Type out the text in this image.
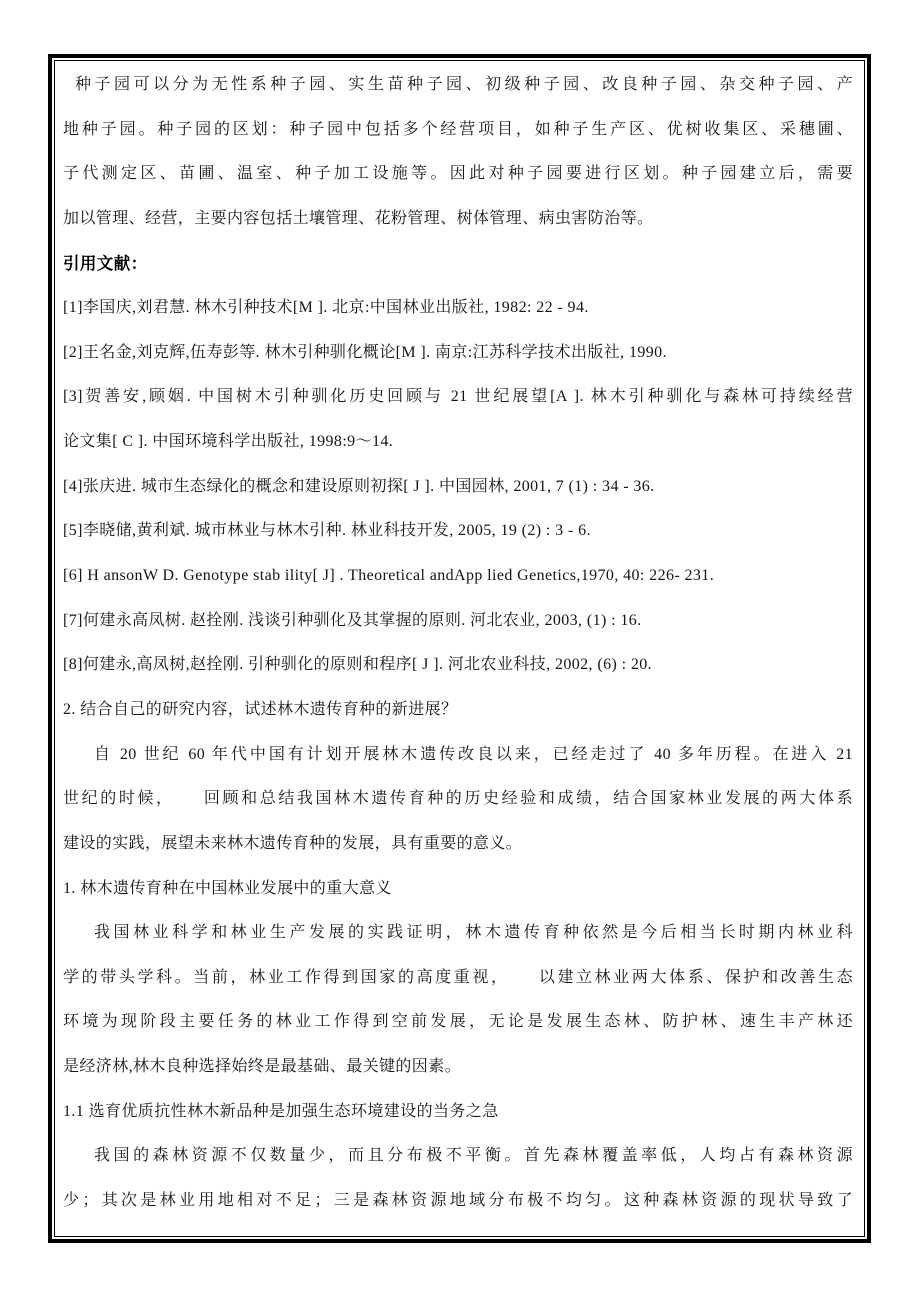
种子园可以分为无性系种子园、实生苗种子园、初级种子园、改良种子园、杂交种子园、产
地种子园。种子园的区划：种子园中包括多个经营项目，如种子生产区、优树收集区、采穗圃、
子代测定区、苗圃、温室、种子加工设施等。因此对种子园要进行区划。种子园建立后，需要
加以管理、经营，主要内容包括土壤管理、花粉管理、树体管理、病虫害防治等。
引用文献：
[1]李国庆,刘君慧. 林木引种技术[M ]. 北京:中国林业出版社, 1982: 22 - 94.
[2]王名金,刘克辉,伍寿彭等. 林木引种驯化概论[M ]. 南京:江苏科学技术出版社, 1990.
[3]贺善安,顾姻. 中国树木引种驯化历史回顾与 21 世纪展望[A ]. 林木引种驯化与森林可持续经营
论文集[ C ]. 中国环境科学出版社, 1998:9～14.
[4]张庆进. 城市生态绿化的概念和建设原则初探[ J ]. 中国园林, 2001, 7 (1) : 34 - 36.
[5]李晓储,黄利斌. 城市林业与林木引种. 林业科技开发, 2005, 19 (2) : 3 - 6.
[6] H ansonW D. Genotype stab ility[ J] . Theoretical andApp lied Genetics,1970, 40: 226- 231.
[7]何建永高凤树. 赵拴刚. 浅谈引种驯化及其掌握的原则. 河北农业, 2003, (1) : 16.
[8]何建永,高凤树,赵拴刚. 引种驯化的原则和程序[ J ]. 河北农业科技, 2002, (6) : 20.
2. 结合自己的研究内容，试述林木遗传育种的新进展？
自 20 世纪 60 年代中国有计划开展林木遗传改良以来，已经走过了 40 多年历程。在进入 21
世纪的时候，　　回顾和总结我国林木遗传育种的历史经验和成绩，结合国家林业发展的两大体系
建设的实践，展望未来林木遗传育种的发展，具有重要的意义。
1. 林木遗传育种在中国林业发展中的重大意义
我国林业科学和林业生产发展的实践证明，林木遗传育种依然是今后相当长时期内林业科
学的带头学科。当前，林业工作得到国家的高度重视，　　以建立林业两大体系、保护和改善生态
环境为现阶段主要任务的林业工作得到空前发展，无论是发展生态林、防护林、速生丰产林还
是经济林,林木良种选择始终是最基础、最关键的因素。
1.1 选育优质抗性林木新品种是加强生态环境建设的当务之急
我国的森林资源不仅数量少，而且分布极不平衡。首先森林覆盖率低，人均占有森林资源
少；其次是林业用地相对不足；三是森林资源地域分布极不均匀。这种森林资源的现状导致了
